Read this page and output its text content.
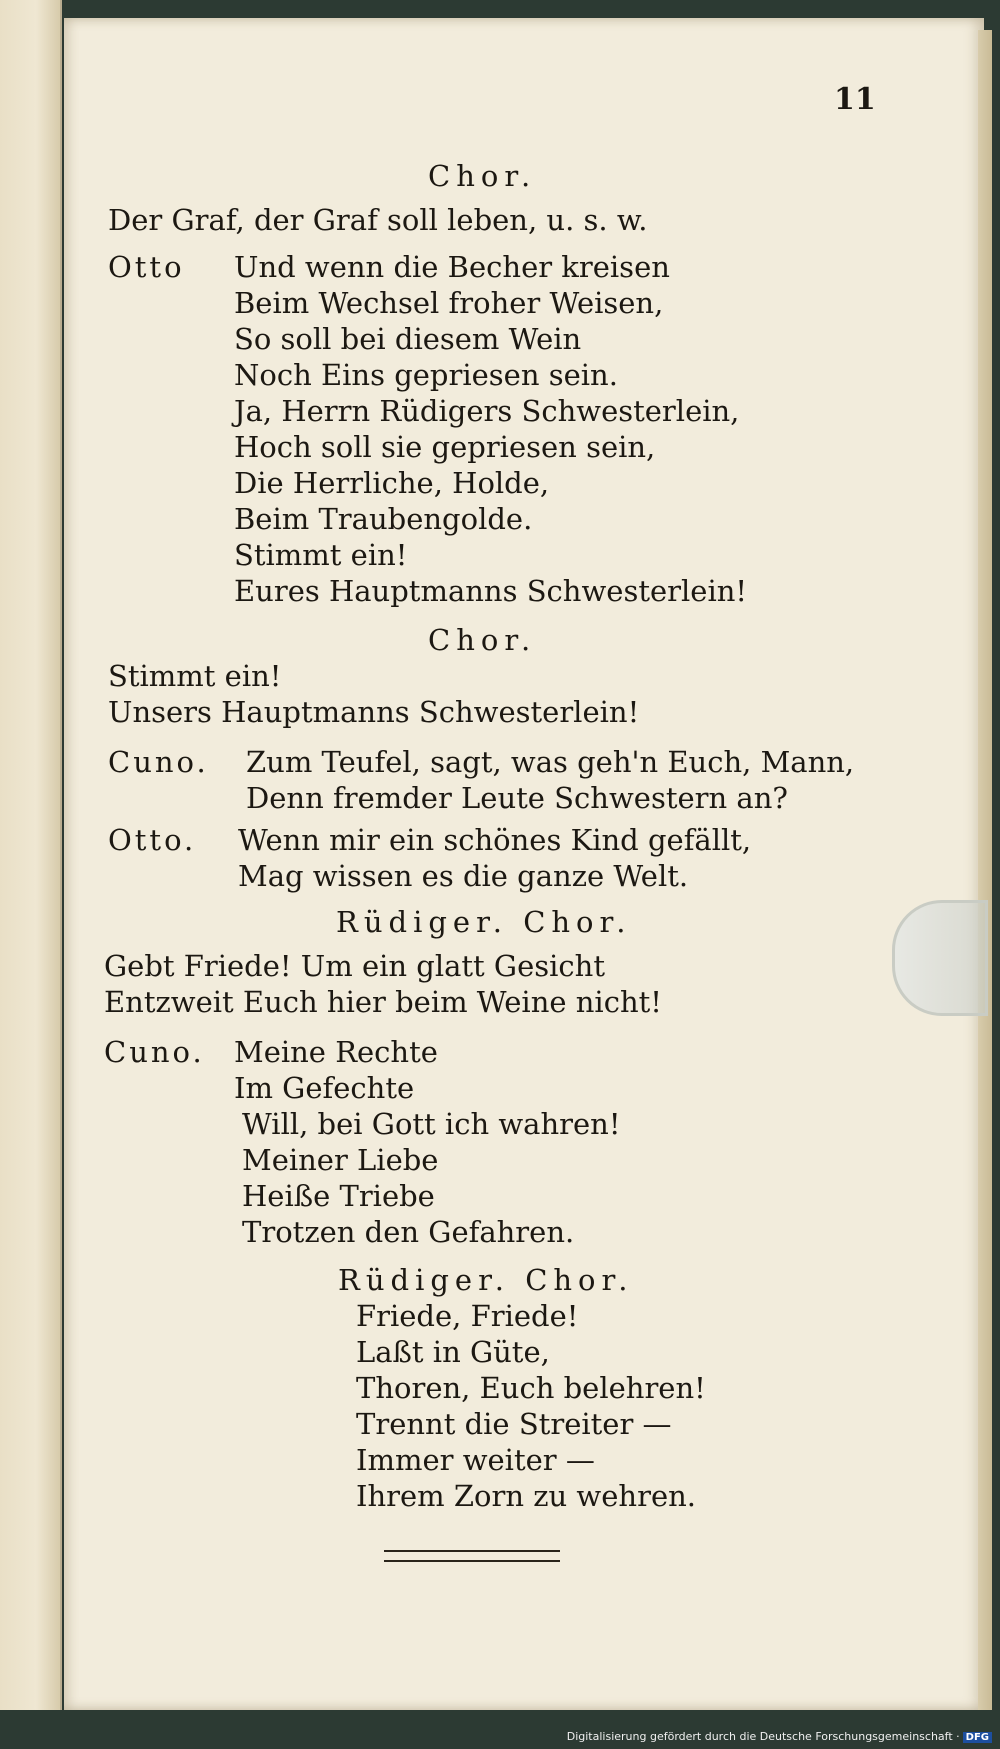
11
Chor.
Der Graf, der Graf soll leben, u. s. w.
Otto Und wenn die Becher kreisen
Beim Wechsel froher Weisen,
So soll bei diesem Wein
Noch Eins gepriesen sein.
Ja, Herrn Rüdigers Schwesterlein,
Hoch soll sie gepriesen sein,
Die Herrliche, Holde,
Beim Traubengolde.
Stimmt ein!
Eures Hauptmanns Schwesterlein!
Chor.
Stimmt ein!
Unsers Hauptmanns Schwesterlein!
Cuno. Zum Teufel, sagt, was geh'n Euch, Mann,
Denn fremder Leute Schwestern an?
Otto. Wenn mir ein schönes Kind gefällt,
Mag wissen es die ganze Welt.
Rüdiger. Chor.
Gebt Friede! Um ein glatt Gesicht
Entzweit Euch hier beim Weine nicht!
Cuno. Meine Rechte
Im Gefechte
Will, bei Gott ich wahren!
Meiner Liebe
Heiße Triebe
Trotzen den Gefahren.
Rüdiger. Chor.
Friede, Friede!
Laßt in Güte,
Thoren, Euch belehren!
Trennt die Streiter —
Immer weiter —
Ihrem Zorn zu wehren.
Digitalisierung gefördert durch die Deutsche Forschungsgemeinschaft · DFG
